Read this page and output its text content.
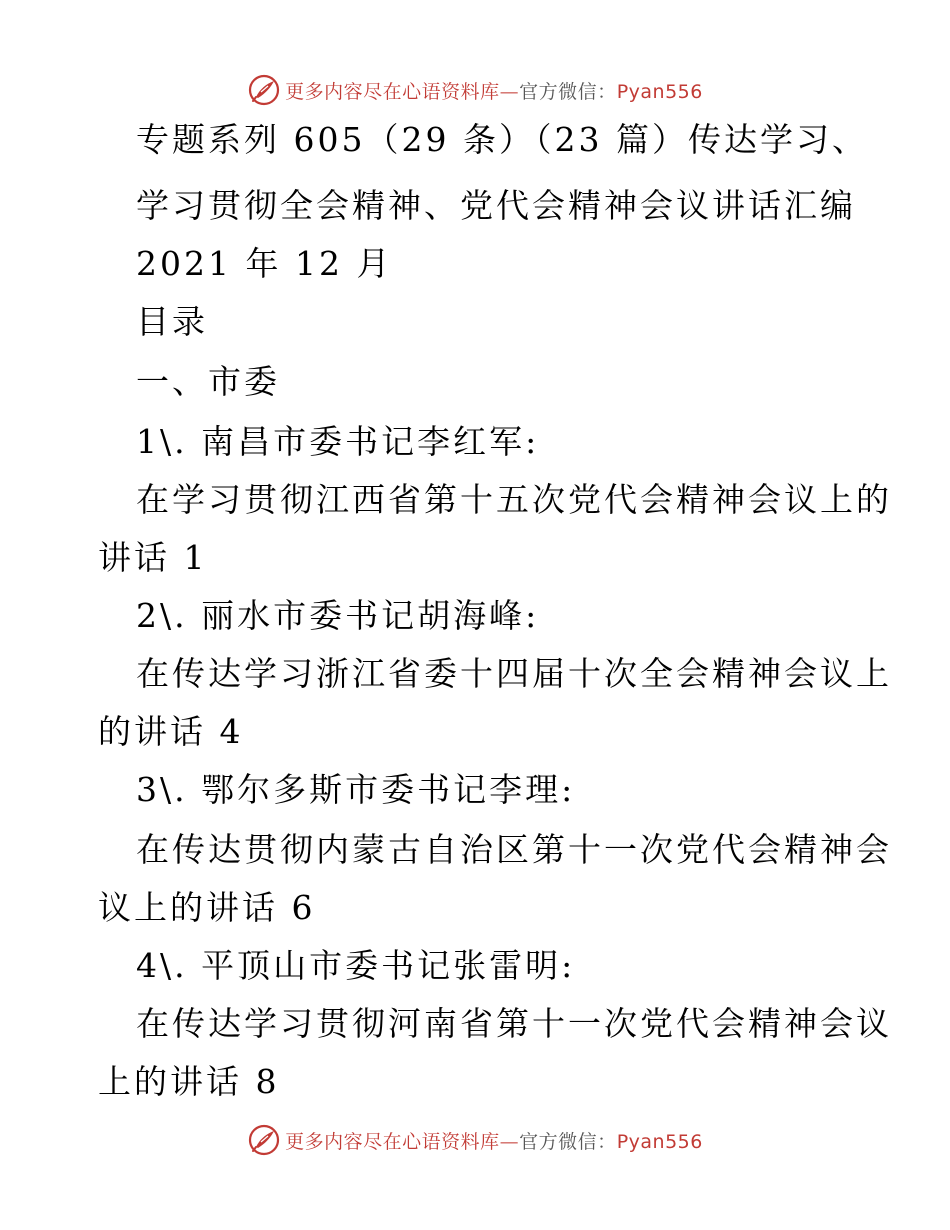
更多内容尽在心语资料库—官方微信：Pyan556
专题系列 605（29 条）（23 篇）传达学习、
学习贯彻全会精神、党代会精神会议讲话汇编
2021 年 12 月
目录
一、市委
1\. 南昌市委书记李红军:
在学习贯彻江西省第十五次党代会精神会议上的
讲话 1
2\. 丽水市委书记胡海峰:
在传达学习浙江省委十四届十次全会精神会议上
的讲话 4
3\. 鄂尔多斯市委书记李理:
在传达贯彻内蒙古自治区第十一次党代会精神会
议上的讲话 6
4\. 平顶山市委书记张雷明:
在传达学习贯彻河南省第十一次党代会精神会议
上的讲话 8
更多内容尽在心语资料库—官方微信：Pyan556
